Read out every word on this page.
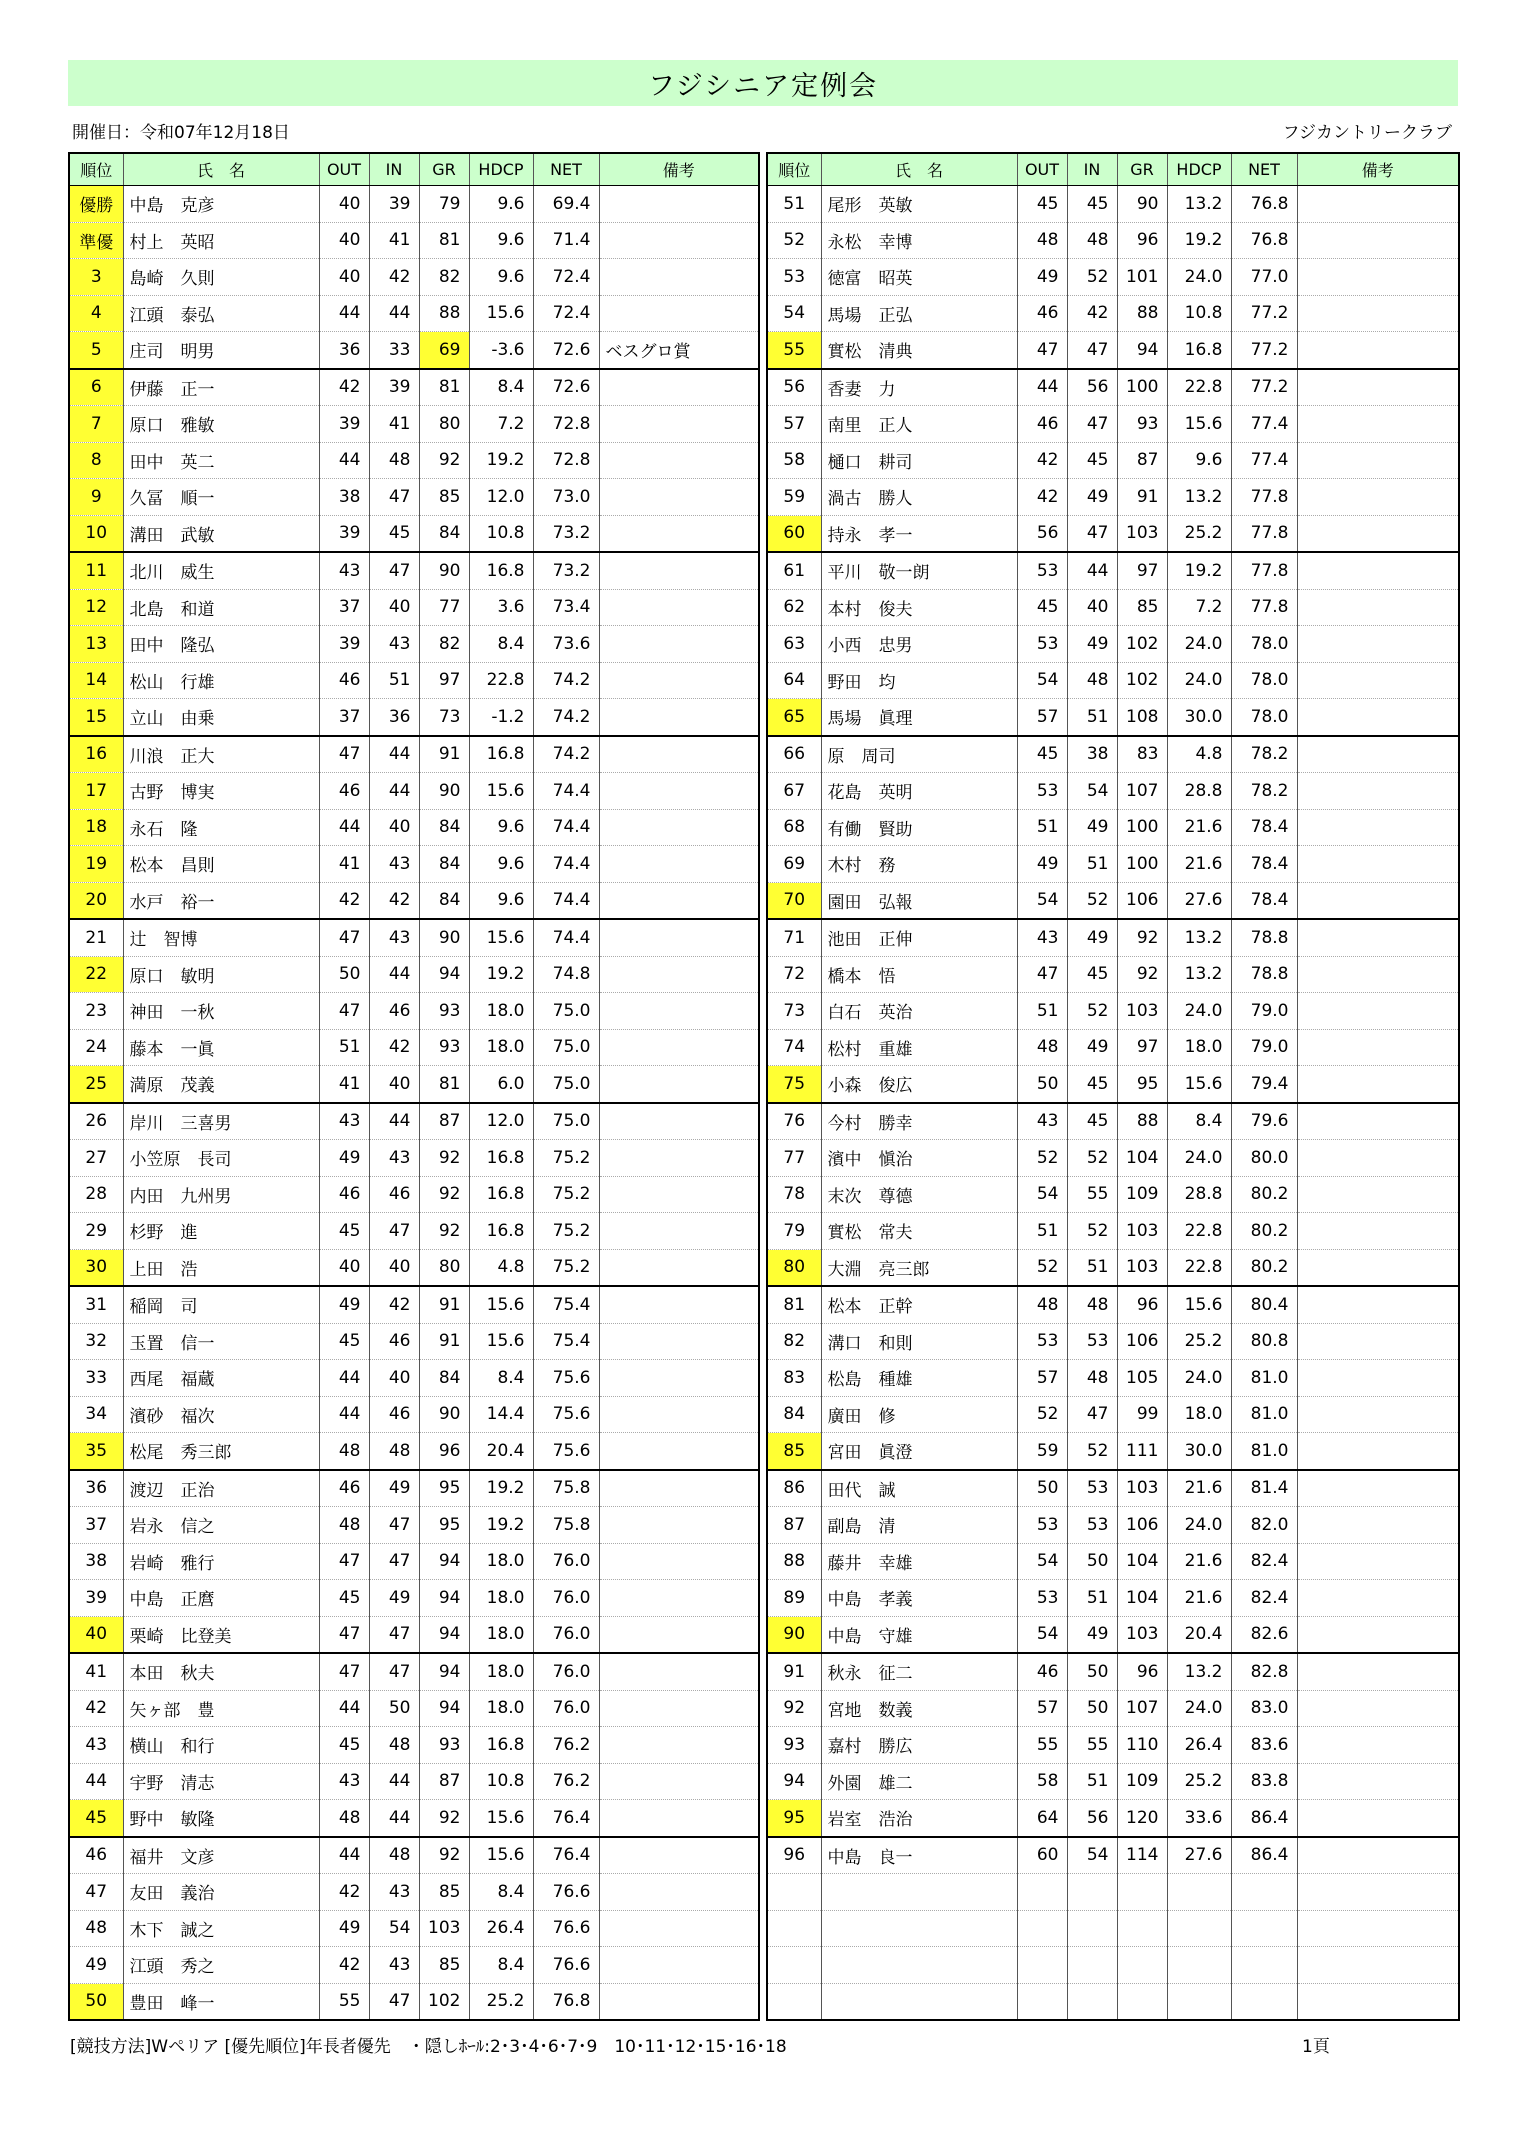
フジシニア定例会
開催日：令和07年12月18日	フジカントリークラブ
順位	氏　名	OUT	IN	GR	HDCP	NET	備考
優勝	中島　克彦	40	39	79	9.6	69.4	
準優	村上　英昭	40	41	81	9.6	71.4	
3	島崎　久則	40	42	82	9.6	72.4	
4	江頭　泰弘	44	44	88	15.6	72.4	
5	庄司　明男	36	33	69	-3.6	72.6	ベスグロ賞
6	伊藤　正一	42	39	81	8.4	72.6	
7	原口　雅敏	39	41	80	7.2	72.8	
8	田中　英二	44	48	92	19.2	72.8	
9	久冨　順一	38	47	85	12.0	73.0	
10	溝田　武敏	39	45	84	10.8	73.2	
11	北川　威生	43	47	90	16.8	73.2	
12	北島　和道	37	40	77	3.6	73.4	
13	田中　隆弘	39	43	82	8.4	73.6	
14	松山　行雄	46	51	97	22.8	74.2	
15	立山　由乗	37	36	73	-1.2	74.2	
16	川浪　正大	47	44	91	16.8	74.2	
17	古野　博実	46	44	90	15.6	74.4	
18	永石　隆	44	40	84	9.6	74.4	
19	松本　昌則	41	43	84	9.6	74.4	
20	水戸　裕一	42	42	84	9.6	74.4	
21	辻　智博	47	43	90	15.6	74.4	
22	原口　敏明	50	44	94	19.2	74.8	
23	神田　一秋	47	46	93	18.0	75.0	
24	藤本　一眞	51	42	93	18.0	75.0	
25	満原　茂義	41	40	81	6.0	75.0	
26	岸川　三喜男	43	44	87	12.0	75.0	
27	小笠原　長司	49	43	92	16.8	75.2	
28	内田　九州男	46	46	92	16.8	75.2	
29	杉野　進	45	47	92	16.8	75.2	
30	上田　浩	40	40	80	4.8	75.2	
31	稲岡　司	49	42	91	15.6	75.4	
32	玉置　信一	45	46	91	15.6	75.4	
33	西尾　福蔵	44	40	84	8.4	75.6	
34	濱砂　福次	44	46	90	14.4	75.6	
35	松尾　秀三郎	48	48	96	20.4	75.6	
36	渡辺　正治	46	49	95	19.2	75.8	
37	岩永　信之	48	47	95	19.2	75.8	
38	岩崎　雅行	47	47	94	18.0	76.0	
39	中島　正麿	45	49	94	18.0	76.0	
40	栗崎　比登美	47	47	94	18.0	76.0	
41	本田　秋夫	47	47	94	18.0	76.0	
42	矢ヶ部　豊	44	50	94	18.0	76.0	
43	横山　和行	45	48	93	16.8	76.2	
44	宇野　清志	43	44	87	10.8	76.2	
45	野中　敏隆	48	44	92	15.6	76.4	
46	福井　文彦	44	48	92	15.6	76.4	
47	友田　義治	42	43	85	8.4	76.6	
48	木下　誠之	49	54	103	26.4	76.6	
49	江頭　秀之	42	43	85	8.4	76.6	
50	豊田　峰一	55	47	102	25.2	76.8	
順位	氏　名	OUT	IN	GR	HDCP	NET	備考
51	尾形　英敏	45	45	90	13.2	76.8	
52	永松　幸博	48	48	96	19.2	76.8	
53	徳富　昭英	49	52	101	24.0	77.0	
54	馬場　正弘	46	42	88	10.8	77.2	
55	實松　清典	47	47	94	16.8	77.2	
56	香妻　力	44	56	100	22.8	77.2	
57	南里　正人	46	47	93	15.6	77.4	
58	樋口　耕司	42	45	87	9.6	77.4	
59	渦古　勝人	42	49	91	13.2	77.8	
60	持永　孝一	56	47	103	25.2	77.8	
61	平川　敬一朗	53	44	97	19.2	77.8	
62	本村　俊夫	45	40	85	7.2	77.8	
63	小西　忠男	53	49	102	24.0	78.0	
64	野田　均	54	48	102	24.0	78.0	
65	馬場　眞理	57	51	108	30.0	78.0	
66	原　周司	45	38	83	4.8	78.2	
67	花島　英明	53	54	107	28.8	78.2	
68	有働　賢助	51	49	100	21.6	78.4	
69	木村　務	49	51	100	21.6	78.4	
70	園田　弘報	54	52	106	27.6	78.4	
71	池田　正伸	43	49	92	13.2	78.8	
72	橋本　悟	47	45	92	13.2	78.8	
73	白石　英治	51	52	103	24.0	79.0	
74	松村　重雄	48	49	97	18.0	79.0	
75	小森　俊広	50	45	95	15.6	79.4	
76	今村　勝幸	43	45	88	8.4	79.6	
77	濱中　愼治	52	52	104	24.0	80.0	
78	末次　尊德	54	55	109	28.8	80.2	
79	實松　常夫	51	52	103	22.8	80.2	
80	大淵　亮三郎	52	51	103	22.8	80.2	
81	松本　正幹	48	48	96	15.6	80.4	
82	溝口　和則	53	53	106	25.2	80.8	
83	松島　種雄	57	48	105	24.0	81.0	
84	廣田　修	52	47	99	18.0	81.0	
85	宮田　眞澄	59	52	111	30.0	81.0	
86	田代　誠	50	53	103	21.6	81.4	
87	副島　清	53	53	106	24.0	82.0	
88	藤井　幸雄	54	50	104	21.6	82.4	
89	中島　孝義	53	51	104	21.6	82.4	
90	中島　守雄	54	49	103	20.4	82.6	
91	秋永　征二	46	50	96	13.2	82.8	
92	宮地　数義	57	50	107	24.0	83.0	
93	嘉村　勝広	55	55	110	26.4	83.6	
94	外園　雄二	58	51	109	25.2	83.8	
95	岩室　浩治	64	56	120	33.6	86.4	
96	中島　良一	60	54	114	27.6	86.4	

[競技方法]Wペリア [優先順位]年長者優先　・隠しﾎｰﾙ:2･3･4･6･7･9　10･11･12･15･16･18	1頁
